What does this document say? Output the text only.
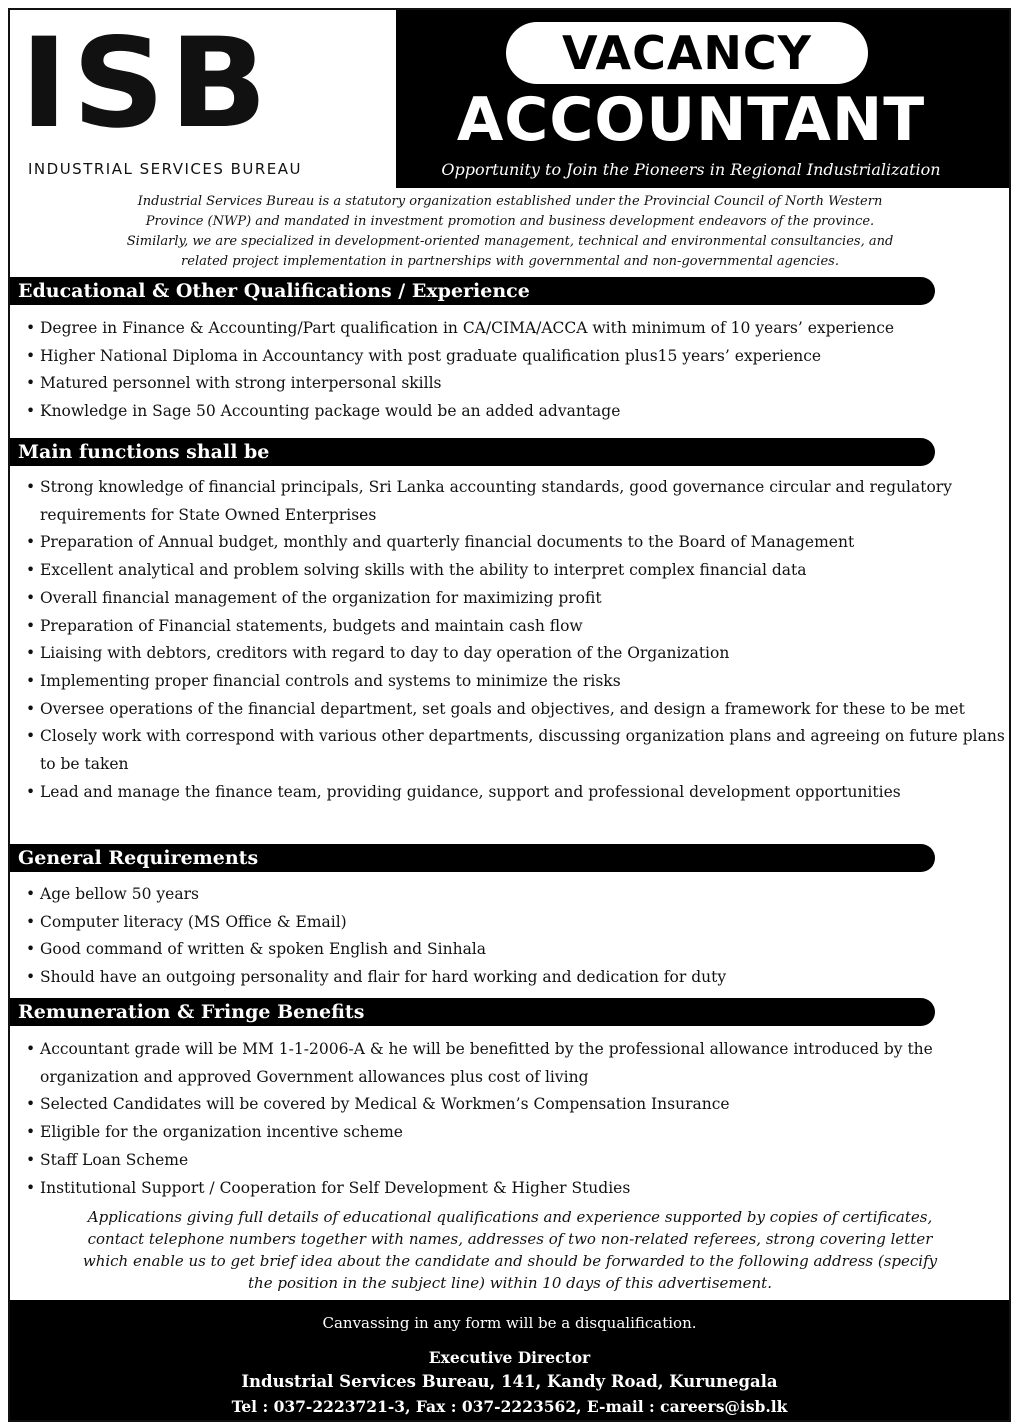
ISB
INDUSTRIAL SERVICES BUREAU
VACANCY
ACCOUNTANT
Opportunity to Join the Pioneers in Regional Industrialization
Industrial Services Bureau is a statutory organization established under the Provincial Council of North Western
Province (NWP) and mandated in investment promotion and business development endeavors of the province.
Similarly, we are specialized in development-oriented management, technical and environmental consultancies, and
related project implementation in partnerships with governmental and non-governmental agencies.
Educational & Other Qualifications / Experience
• Degree in Finance & Accounting/Part qualification in CA/CIMA/ACCA with minimum of 10 years’ experience
• Higher National Diploma in Accountancy with post graduate qualification plus15 years’ experience
• Matured personnel with strong interpersonal skills
• Knowledge in Sage 50 Accounting package would be an added advantage
Main functions shall be
• Strong knowledge of financial principals, Sri Lanka accounting standards, good governance circular and regulatory requirements for State Owned Enterprises
• Preparation of Annual budget, monthly and quarterly financial documents to the Board of Management
• Excellent analytical and problem solving skills with the ability to interpret complex financial data
• Overall financial management of the organization for maximizing profit
• Preparation of Financial statements, budgets and maintain cash flow
• Liaising with debtors, creditors with regard to day to day operation of the Organization
• Implementing proper financial controls and systems to minimize the risks
• Oversee operations of the financial department, set goals and objectives, and design a framework for these to be met
• Closely work with correspond with various other departments, discussing organization plans and agreeing on future plans to be taken
• Lead and manage the finance team, providing guidance, support and professional development opportunities
General Requirements
• Age bellow 50 years
• Computer literacy (MS Office & Email)
• Good command of written & spoken English and Sinhala
• Should have an outgoing personality and flair for hard working and dedication for duty
Remuneration & Fringe Benefits
• Accountant grade will be MM 1-1-2006-A & he will be benefitted by the professional allowance introduced by the organization and approved Government allowances plus cost of living
• Selected Candidates will be covered by Medical & Workmen’s Compensation Insurance
• Eligible for the organization incentive scheme
• Staff Loan Scheme
• Institutional Support / Cooperation for Self Development & Higher Studies
Applications giving full details of educational qualifications and experience supported by copies of certificates,
contact telephone numbers together with names, addresses of two non-related referees, strong covering letter
which enable us to get brief idea about the candidate and should be forwarded to the following address (specify
the position in the subject line) within 10 days of this advertisement.
Canvassing in any form will be a disqualification.
Executive Director
Industrial Services Bureau, 141, Kandy Road, Kurunegala
Tel : 037-2223721-3, Fax : 037-2223562, E-mail : careers@isb.lk
